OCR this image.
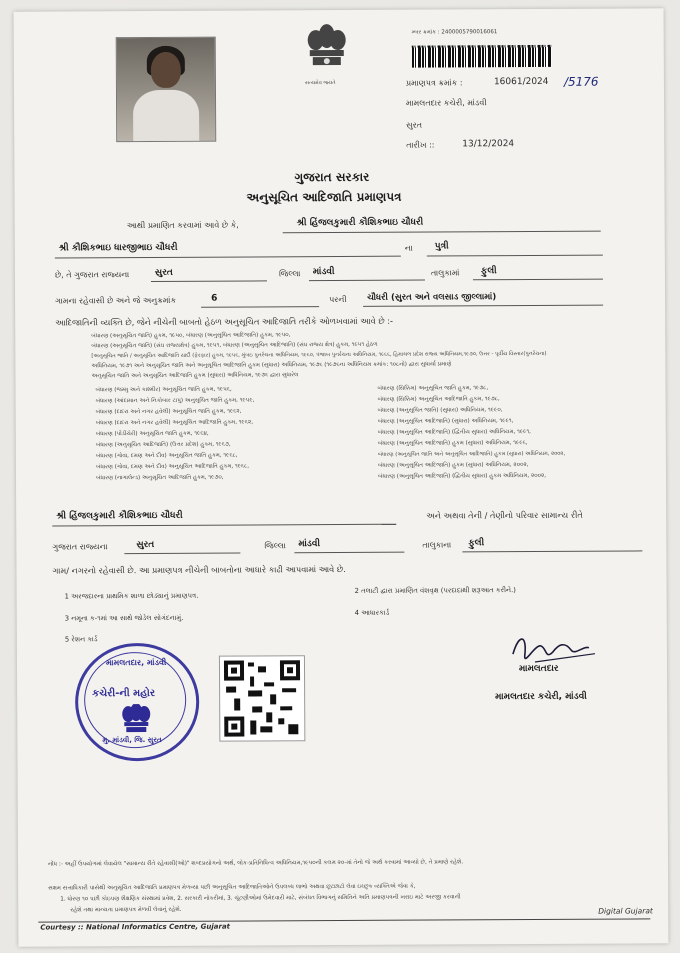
સત્યમેવ જયતે
મ્બર ક્રમાંક : 2400005790016061
પ્રમાણપત્ર ક્રમાંક :	16061/2024 /5176
મામલતદાર કચેરી, માંડવી
સુરત
તારીખ ::	13/12/2024
ગુજરાત સરકાર
અનુસૂચિત આદિજાતિ પ્રમાણપત્ર
આથી પ્રમાણિત કરવામાં આવે છે કે,	શ્રી હિંજલકુમારી કૌશિકભાઇ ચૌધરી
શ્રી કૌશિકભાઇ ધારજીભાઇ ચૌધરી	ના પુત્રી
છે, તે ગુજરાત રાજ્યના	સુરત	જિલ્લા માંડવી	તાલુકામાં ફુલી
ગામના રહેવાસી છે અને જે અનુક્રમાંક	6	પરની ચૌધરી (સુરત અને વલસાડ જીલ્લામાં)
આદિજાતિની વ્યક્તિ છે, જેને નીચેની બાબતો હેઠળ અનુસૂચિત આદિજાતિ તરીકે ઓળખવામાં આવે છે :-
બંધારણ (અનુસૂચિત જાતિ) હુકમ, ૧૯૫૦, બંધારણ (અનુસૂચિત આદિજાતિ) હુકમ, ૧૯૫૦,
બંધારણ (અનુસૂચિત જાતિ) (સંઘ રાજ્યક્ષેત્ર) હુકમ, ૧૯૫૧, બંધારણ (અનુસૂચિત આદિજાતિ) (સંઘ રાજ્ય ક્ષેત્ર) હુકમ, ૧૯૫૧ હેઠળ
[અનુસૂચિત જાતિ / અનુસૂચિત આદિજાતિ યાદી (ફેરફાર) હુકમ, ૧૯૫૬, મુંબઇ પુનર્રચના અધિનિયમ, ૧૯૬૦, પંજાબ પુનર્રચના અધિનિયમ, ૧૯૬૬, હિમાચલ પ્રદેશ રાજ્ય અધિનિયમ,૧૯૭૦, ઉત્તર - પૂર્વીય વિસ્તાર(પુનર્રચના)
અધિનિયમ, ૧૯૭૧ અને અનુસૂચિત જાતિ અને અનુસૂચિત આદિજાતિ હુકમ (સુધારા) અધિનિયમ, ૧૯૭૬ (૧૯૭૬ના અધિનિયમ ક્રમાંક: ૧૦૮નો) દ્વારા સુધાર્યા પ્રમાણે
અનુસૂચિત જાતિ અને અનુસૂચિત આદિજાતિ હુકમ (સુધારા) અધિનિયમ, ૧૯૭૬ દ્વારા સુધારેલ
બંધારણ (જમ્મુ અને કાશ્મીર) અનુસૂચિત જાતિ હુકમ, ૧૯૫૬,
બંધારણ (આંદામાન અને નિકોબાર ટાપુ) અનુસૂચિત જાતિ હુકમ, ૧૯૫૯,
બંધારણ (દાદરા અને નગર હવેલી) અનુસૂચિત જાતિ હુકમ, ૧૯૬૨,
બંધારણ (દાદરા અને નગર હવેલી) અનુસૂચિત આદિજાતિ હુકમ, ૧૯૬૨,
બંધારણ (પોંડીચેરી) અનુસૂચિત જાતિ હુકમ, ૧૯૬૪,
બંધારણ (અનુસૂચિત આદિજાતિ) (ઉત્તર પ્રદેશ) હુકમ, ૧૯૬૭,
બંધારણ (ગોવા, દમણ અને દીવ) અનુસૂચિત જાતિ હુકમ, ૧૯૬૮,
બંધારણ (ગોવા, દમણ અને દીવ) અનુસૂચિત આદિજાતિ હુકમ, ૧૯૬૮,
બંધારણ (નાગાલેન્ડ) અનુસૂચિત આદિજાતિ હુકમ, ૧૯૭૦,
બંધારણ (સિક્કિમ) અનુસૂચિત જાતિ હુકમ, ૧૯૭૮,
બંધારણ (સિક્કિમ) અનુસૂચિત આદિજાતિ હુકમ, ૧૯૭૮,
બંધારણ (અનુસૂચિત જાતિ) (સુધારા) અધિનિયમ, ૧૯૯૦,
બંધારણ (અનુસૂચિત આદિજાતિ) (સુધારા) અધિનિયમ, ૧૯૯૧,
બંધારણ (અનુસૂચિત આદિજાતિ) (દ્વિતીય સુધારા) અધિનિયમ, ૧૯૯૧,
બંધારણ (અનુસૂચિત આદિજાતિ) હુકમ (સુધારા) અધિનિયમ, ૧૯૯૬,
બંધારણ (અનુસૂચિત જાતિ અને અનુસૂચિત આદિજાતિ) હુકમ (સુધારા) અધિનિયમ, ૨૦૦૨,
બંધારણ (અનુસૂચિત આદિજાતિ) હુકમ (સુધારા) અધિનિયમ, ૨૦૦૨,
બંધારણ (અનુસૂચિત આદિજાતિ) (દ્વિતીય સુધારા) હુકમ અધિનિયમ, ૨૦૦૨,
શ્રી હિંજલકુમારી કૌશિકભાઇ ચૌધરી	અને અથવા તેની / તેણીનો પરિવાર સામાન્ય રીતે
ગુજરાત રાજ્યના	સુરત	જિલ્લા માંડવી	તાલુકાના ફુલી
ગામ/ નગરનો રહેવાસી છે. આ પ્રમાણપત્ર નીચેની બાબતોના આધારે કાઢી આપવામાં આવે છે.
1 અરજદારના પ્રાથમિક શાળા છોડ્યાનું પ્રમાણપત્ર.
2 તલાટી દ્વારા પ્રમાણિત વંશવૃક્ષ (પરદાદાથી શરૂઆત કરીને.)
3 નમૂના ક-૧માં આ સાથે જોડેલ સોગંદનામું.
4 આધારકાર્ડ
5 રેશન કાર્ડ
મામલતદાર, માંડવી
કચેરી-ની મહોર
મુ. માંડવી, જિ. સુરત
મામલતદાર
મામલતદાર કચેરી, માંડવી
નોંધ :- અહીં ઉપયોગમાં લેવાયેલ "સામાન્ય રીતે રહેવાસી(ઓ)" શબ્દપ્રયોગનો અર્થ, લોક-પ્રતિનિધિત્વ અધિનિયમ,૧૯૫૦ની કલમ ૨૦-માં તેનો જે અર્થ કરવામાં આવ્યો છે, તે પ્રમાણે રહેશે.
સક્ષમ સત્તાધિકારી પાસેથી અનુસૂચિત આદિજાતિ પ્રમાણપત્ર મેળવ્યા પછી અનુસૂચિત આદિજાતિઓને ઉપલબ્ધ લાભો અથવા છૂટછાટો લેવા ઇચ્છુક વ્યક્તિએ જેવા કે,
1. ધોરણ ૧૦ પછી કોઇપણ શૈક્ષણિક સંસ્થામાં પ્રવેશ, 2. સરકારી નોકરીમાં, 3. ચૂંટણીઓમાં ઉમેદવારી માટે, સંબંધત વિભાગનું સમિતિને અતિ પ્રમાણપત્રની ખરાઇ માટે અરજી કરવાની
રહેશે તથા માન્યતા પ્રમાણપત્ર મેળવી લેવાનું રહેશે.
Courtesy :: National Informatics Centre, Gujarat
Digital Gujarat
